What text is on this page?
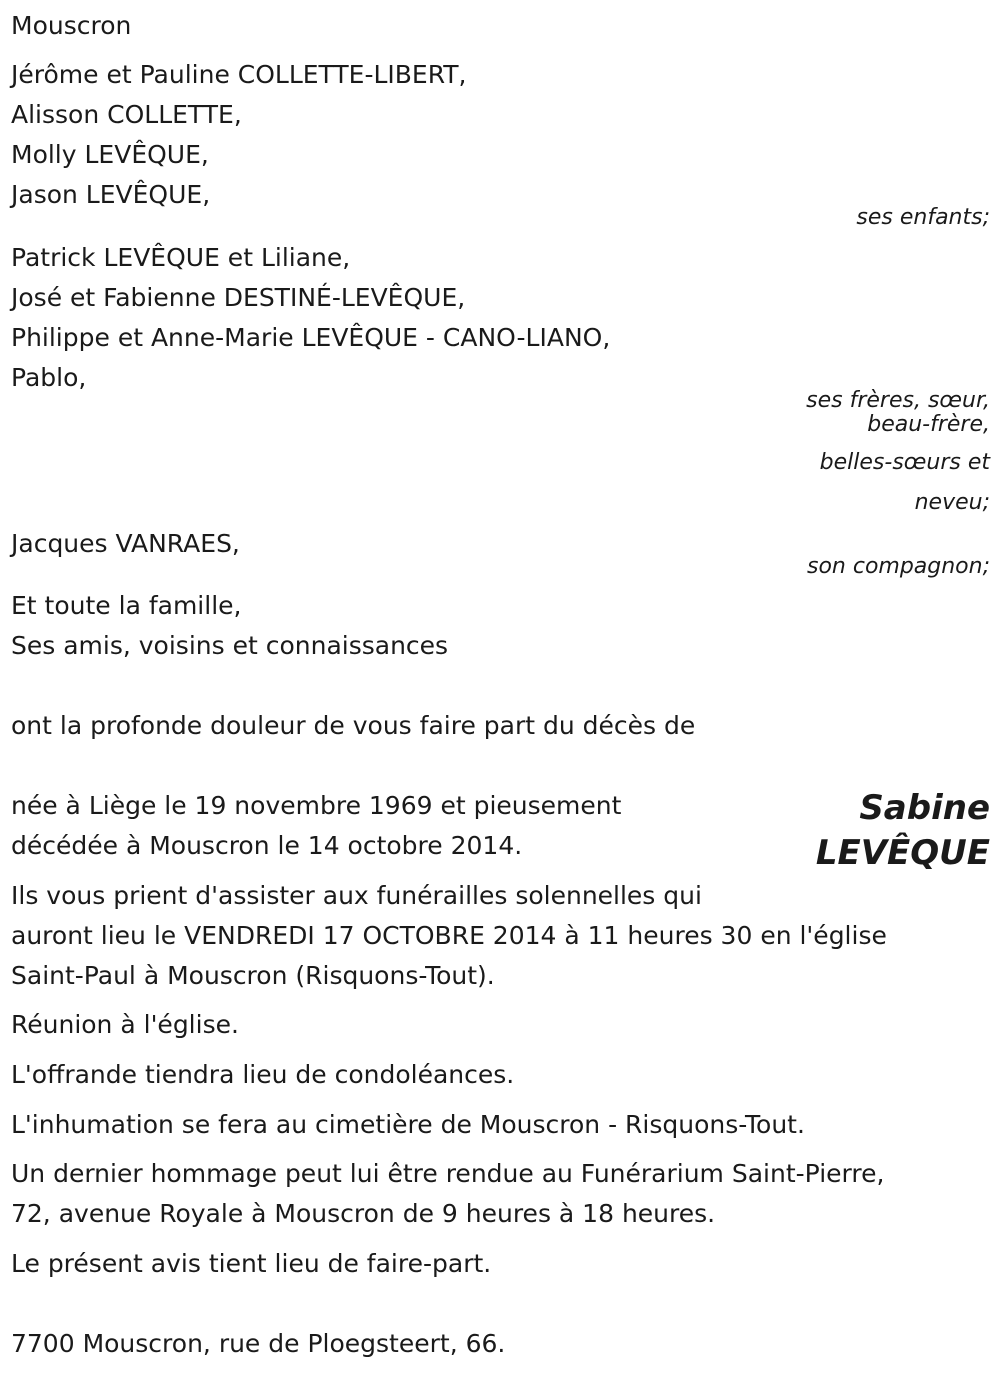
Mouscron
Jérôme et Pauline COLLETTE-LIBERT,
Alisson COLLETTE,
Molly LEVÊQUE,
Jason LEVÊQUE,
ses enfants;
Patrick LEVÊQUE et Liliane,
José et Fabienne DESTINÉ-LEVÊQUE,
Philippe et Anne-Marie LEVÊQUE - CANO-LIANO,
Pablo,
ses frères, sœur,
beau-frère,
belles-sœurs et
neveu;
Jacques VANRAES,
son compagnon;
Et toute la famille,
Ses amis, voisins et connaissances
ont la profonde douleur de vous faire part du décès de
née à Liège le 19 novembre 1969 et pieusement
décédée à Mouscron le 14 octobre 2014.
Sabine
LEVÊQUE
Ils vous prient d'assister aux funérailles solennelles qui
auront lieu le VENDREDI 17 OCTOBRE 2014 à 11 heures 30 en l'église
Saint-Paul à Mouscron (Risquons-Tout).
Réunion à l'église.
L'offrande tiendra lieu de condoléances.
L'inhumation se fera au cimetière de Mouscron - Risquons-Tout.
Un dernier hommage peut lui être rendue au Funérarium Saint-Pierre,
72, avenue Royale à Mouscron de 9 heures à 18 heures.
Le présent avis tient lieu de faire-part.
7700 Mouscron, rue de Ploegsteert, 66.
